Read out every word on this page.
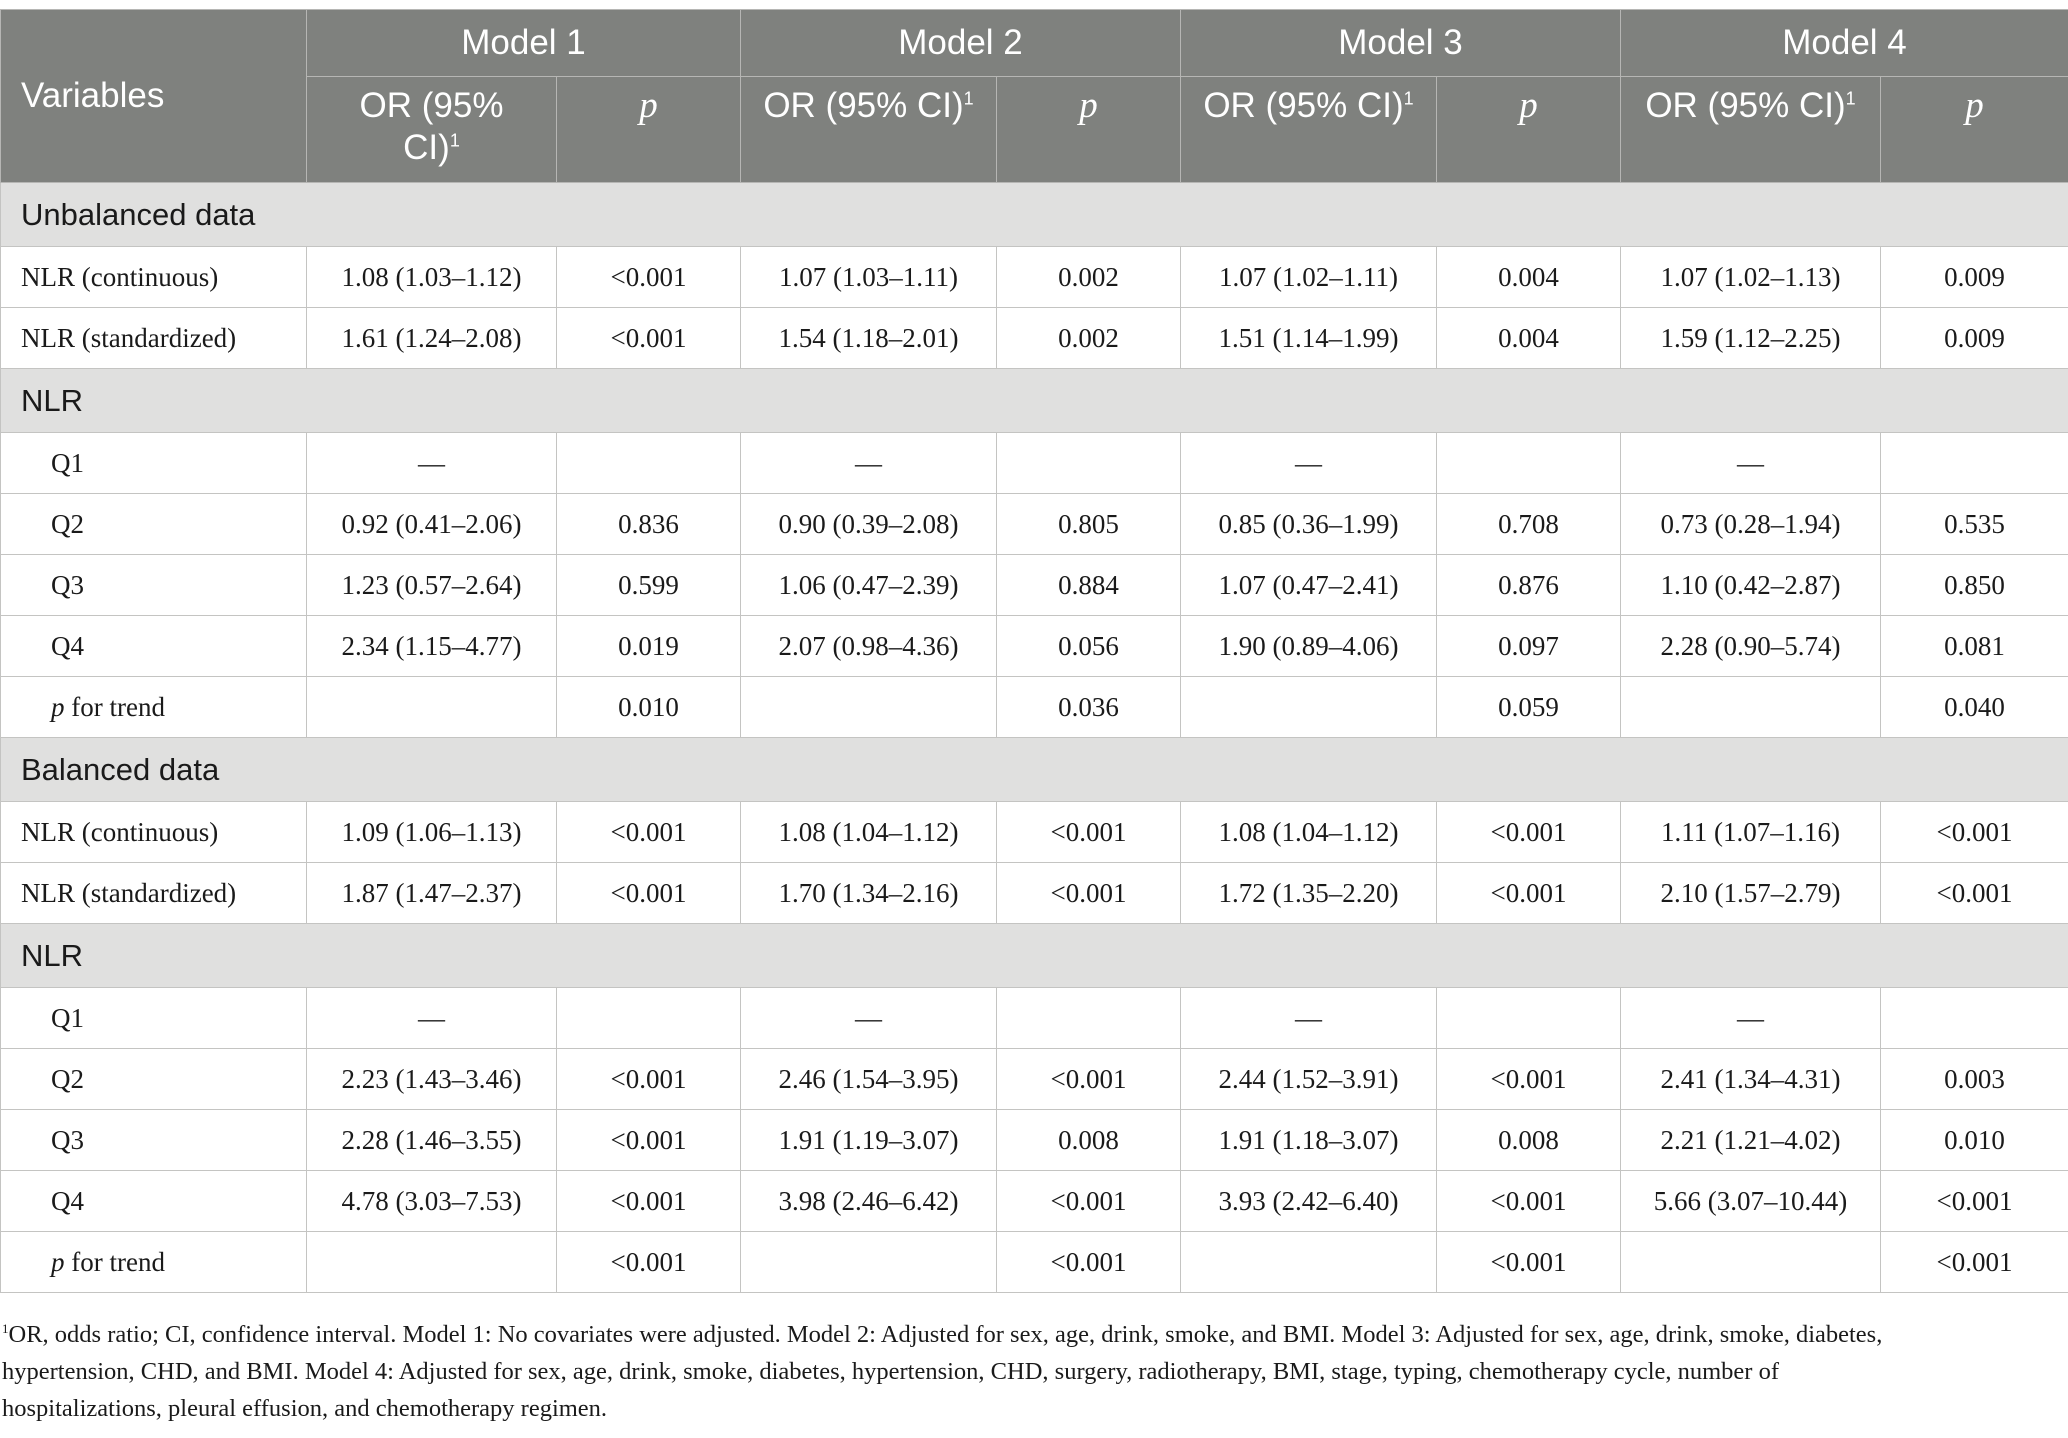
Variables	Model 1		Model 2		Model 3		Model 4	
	OR (95% CI)$^1$	p	OR (95% CI)$^1$	p	OR (95% CI)$^1$	p	OR (95% CI)$^1$	p
Unbalanced data								
NLR (continuous)	1.08 (1.03–1.12)	<0.001	1.07 (1.03–1.11)	0.002	1.07 (1.02–1.11)	0.004	1.07 (1.02–1.13)	0.009
NLR (standardized)	1.61 (1.24–2.08)	<0.001	1.54 (1.18–2.01)	0.002	1.51 (1.14–1.99)	0.004	1.59 (1.12–2.25)	0.009
NLR								
Q1	—		—		—		—	
Q2	0.92 (0.41–2.06)	0.836	0.90 (0.39–2.08)	0.805	0.85 (0.36–1.99)	0.708	0.73 (0.28–1.94)	0.535
Q3	1.23 (0.57–2.64)	0.599	1.06 (0.47–2.39)	0.884	1.07 (0.47–2.41)	0.876	1.10 (0.42–2.87)	0.850
Q4	2.34 (1.15–4.77)	0.019	2.07 (0.98–4.36)	0.056	1.90 (0.89–4.06)	0.097	2.28 (0.90–5.74)	0.081
p for trend		0.010		0.036		0.059		0.040
Balanced data								
NLR (continuous)	1.09 (1.06–1.13)	<0.001	1.08 (1.04–1.12)	<0.001	1.08 (1.04–1.12)	<0.001	1.11 (1.07–1.16)	<0.001
NLR (standardized)	1.87 (1.47–2.37)	<0.001	1.70 (1.34–2.16)	<0.001	1.72 (1.35–2.20)	<0.001	2.10 (1.57–2.79)	<0.001
NLR								
Q1	—		—		—		—	
Q2	2.23 (1.43–3.46)	<0.001	2.46 (1.54–3.95)	<0.001	2.44 (1.52–3.91)	<0.001	2.41 (1.34–4.31)	0.003
Q3	2.28 (1.46–3.55)	<0.001	1.91 (1.19–3.07)	0.008	1.91 (1.18–3.07)	0.008	2.21 (1.21–4.02)	0.010
Q4	4.78 (3.03–7.53)	<0.001	3.98 (2.46–6.42)	<0.001	3.93 (2.42–6.40)	<0.001	5.66 (3.07–10.44)	<0.001
p for trend		<0.001		<0.001		<0.001		<0.001

$^1$OR, odds ratio; CI, confidence interval. Model 1: No covariates were adjusted. Model 2: Adjusted for sex, age, drink, smoke, and BMI. Model 3: Adjusted for sex, age, drink, smoke, diabetes,
hypertension, CHD, and BMI. Model 4: Adjusted for sex, age, drink, smoke, diabetes, hypertension, CHD, surgery, radiotherapy, BMI, stage, typing, chemotherapy cycle, number of
hospitalizations, pleural effusion, and chemotherapy regimen.
